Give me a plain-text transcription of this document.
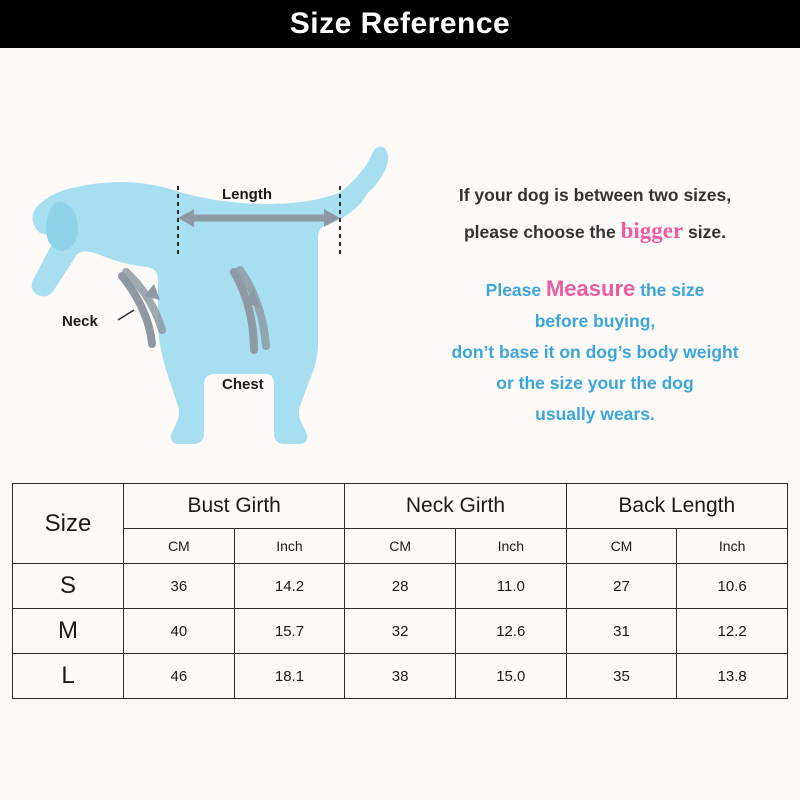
Size Reference
Length
Neck
Chest
If your dog is between two sizes,
please choose the bigger size.
Please Measure the size
before buying,
don’t base it on dog’s body weight
or the size your the dog
usually wears.
Size	Bust Girth		Neck Girth		Back Length	
	CM	Inch	CM	Inch	CM	Inch
S	36	14.2	28	11.0	27	10.6
M	40	15.7	32	12.6	31	12.2
L	46	18.1	38	15.0	35	13.8
